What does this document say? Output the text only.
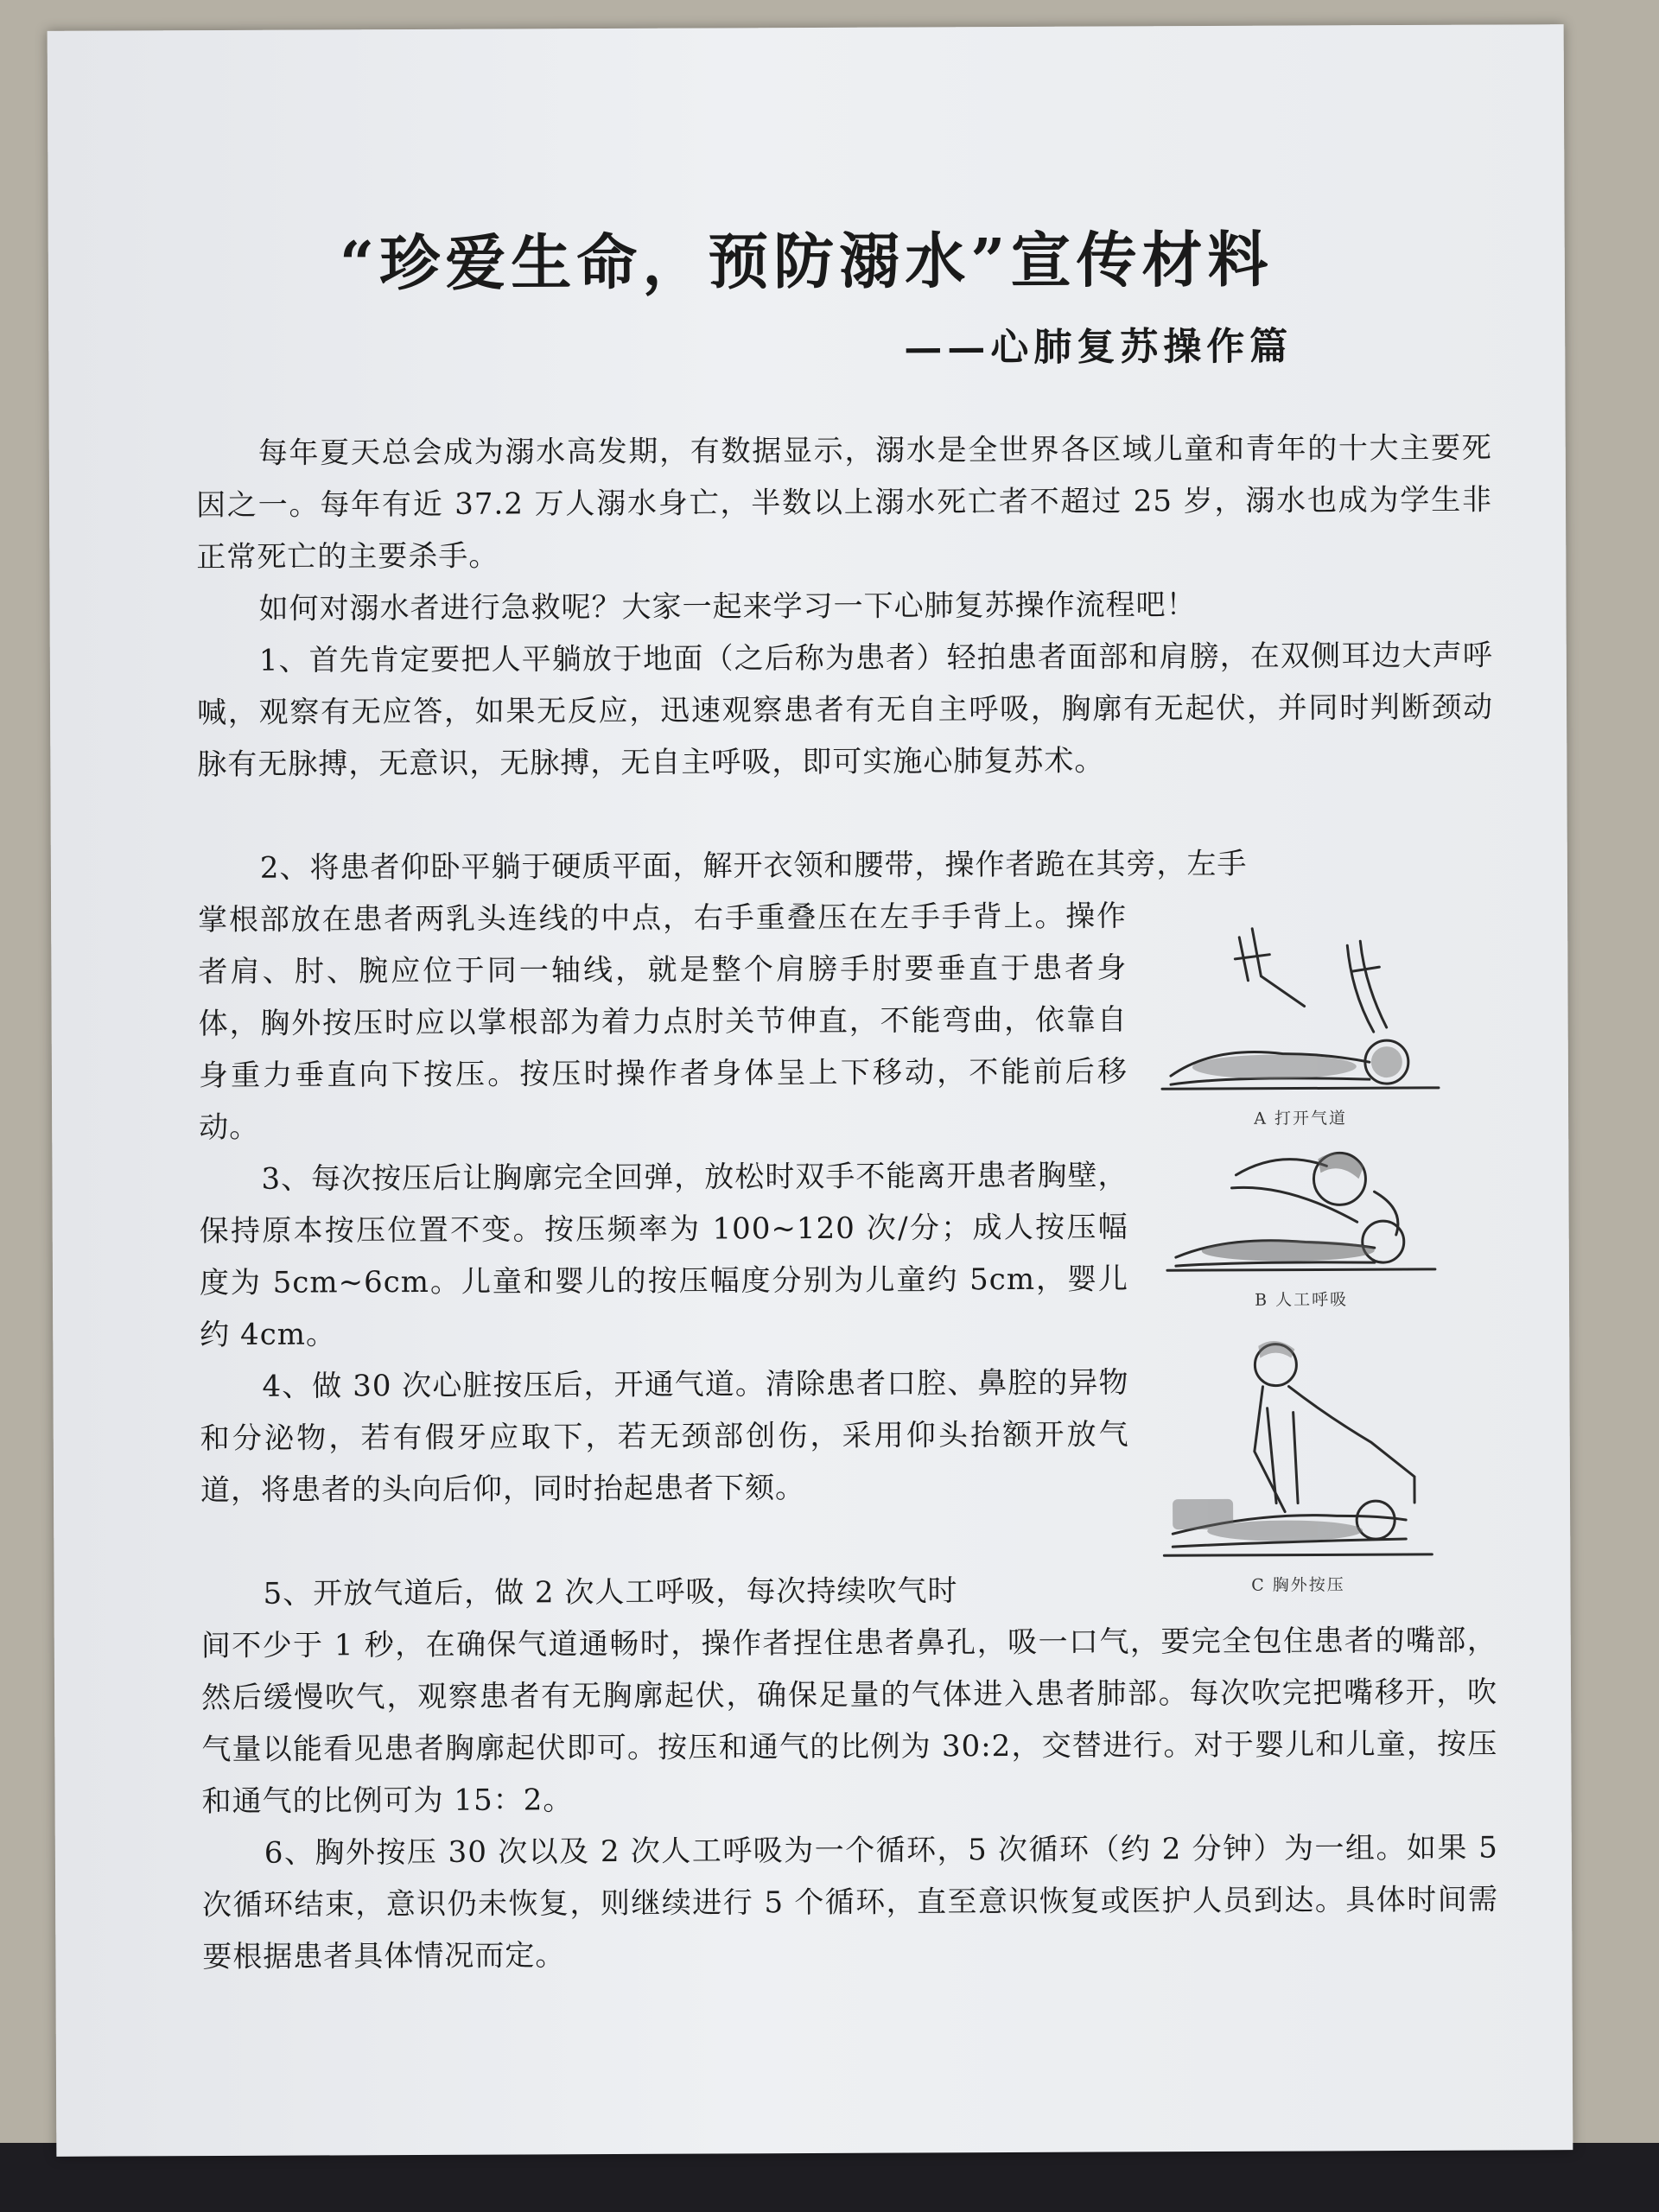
“珍爱生命，预防溺水”宣传材料
——心肺复苏操作篇

每年夏天总会成为溺水高发期，有数据显示，溺水是全世界各区域儿童和青年的十大主要死因之一。每年有近 37.2 万人溺水身亡，半数以上溺水死亡者不超过 25 岁，溺水也成为学生非正常死亡的主要杀手。

如何对溺水者进行急救呢？大家一起来学习一下心肺复苏操作流程吧！

1、首先肯定要把人平躺放于地面（之后称为患者）轻拍患者面部和肩膀，在双侧耳边大声呼喊，观察有无应答，如果无反应，迅速观察患者有无自主呼吸，胸廓有无起伏，并同时判断颈动脉有无脉搏，无意识，无脉搏，无自主呼吸，即可实施心肺复苏术。

2、将患者仰卧平躺于硬质平面，解开衣领和腰带，操作者跪在其旁，左手

掌根部放在患者两乳头连线的中点，右手重叠压在左手手背上。操作者肩、肘、腕应位于同一轴线，就是整个肩膀手肘要垂直于患者身体，胸外按压时应以掌根部为着力点肘关节伸直，不能弯曲，依靠自身重力垂直向下按压。按压时操作者身体呈上下移动，不能前后移动。

3、每次按压后让胸廓完全回弹，放松时双手不能离开患者胸壁，保持原本按压位置不变。按压频率为 100~120 次/分；成人按压幅度为 5cm~6cm。儿童和婴儿的按压幅度分别为儿童约 5cm，婴儿约 4cm。

4、做 30 次心脏按压后，开通气道。清除患者口腔、鼻腔的异物和分泌物，若有假牙应取下，若无颈部创伤，采用仰头抬额开放气道，将患者的头向后仰，同时抬起患者下颏。

5、开放气道后，做 2 次人工呼吸，每次持续吹气时

间不少于 1 秒，在确保气道通畅时，操作者捏住患者鼻孔，吸一口气，要完全包住患者的嘴部，然后缓慢吹气，观察患者有无胸廓起伏，确保足量的气体进入患者肺部。每次吹完把嘴移开，吹气量以能看见患者胸廓起伏即可。按压和通气的比例为 30:2，交替进行。对于婴儿和儿童，按压和通气的比例可为 15：2。

6、胸外按压 30 次以及 2 次人工呼吸为一个循环，5 次循环（约 2 分钟）为一组。如果 5 次循环结束，意识仍未恢复，则继续进行 5 个循环，直至意识恢复或医护人员到达。具体时间需要根据患者具体情况而定。

A 打开气道
B 人工呼吸
C 胸外按压
